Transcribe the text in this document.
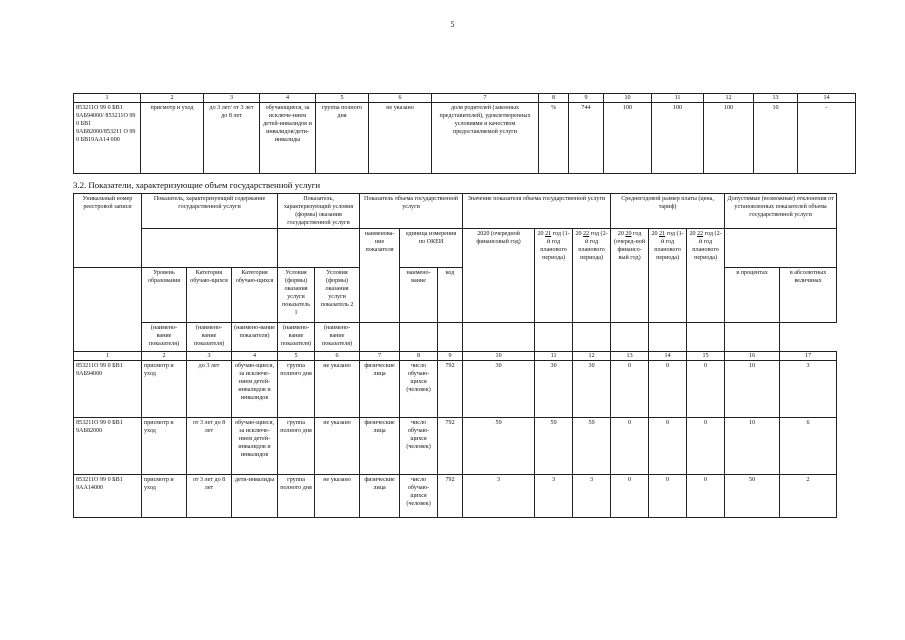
5
1	2	3	4	5	6	7	8	9	10	11	12	13	14
853211О 99 0 БВ1 9АБ94000/ 853211О 99 0 БВ1 9АБ82000/853211 О 99 0 БВ19АА14 000	присмотр и уход	до 3 лет/ от 3 лет до 8 лет	обучающиеся, за исключе-нием детей-инвалидов и инвалидов/дети-инвалиды	группа полного дня	не указано	доля родителей (законных представителей), удовлетворенных условиями и качеством предоставляемой услуги	%	744	100	100	100	10	-
3.2. Показатели, характеризующие объем государственной услуги
Уникальный номер реестровой записи	Показатель, характеризующий содержание государственной услуги			Показатель, характеризующий условия (формы) оказания государственной услуги		Показатель объема государственной услуги			Значение показателя объема государственной услуги			Среднегодовой размер платы (цена, тариф)			Допустимые (возможные) отклонения от установленных показателей объема государственной услуги	
						наименова-ние показателя	единица измерения по ОКЕИ		2020 (очередной финансовый год)	20 21 год (1-й год планового периода)	20 22 год (2-й год планового периода)	20 20 год (очеред-ной финансо-вый год)	20 21 год (1-й год планового периода)	20 22 год (2-й год планового периода)		

	Уровень образования	Категория обучаю-щихся	Категория обучаю-щихся	Условия (формы) оказания услуги показатель 1	Условия (формы) оказания услуги показатель 2		наимено-вание	код							в процентах	в абсолютных величинах
	(наимено-вание показателя)	(наимено-вание показателя)	(наимено-вание показателя)	(наимено-вание показателя)	(наимено-вание показателя)											
1	2	3	4	5	6	7	8	9	10	11	12	13	14	15	16	17
853211О 99 0 БВ1 9АБ94000	присмотр и уход	до 3 лет	обучаю-щиеся, за исключе-нием детей-инвалидов и инвалидов	группа полного дня	не указано	физические лица	число обучаю-щихся (человек)	792	30	30	30	0	0	0	10	3
853211О 99 0 БВ1 9АБ82000	присмотр и уход	от 3 лет до 8 лет	обучаю-щиеся, за исключе-нием детей-инвалидов и инвалидов	группа полного дня	не указано	физические лица	число обучаю-щихся (человек)	792	59	59	59	0	0	0	10	6
853211О 99 0 БВ1 9АА14000	присмотр и уход	от 3 лет до 8 лет	дети-инвалиды	группа полного дня	не указано	физические лица	число обучаю-щихся (человек)	792	3	3	3	0	0	0	50	2
